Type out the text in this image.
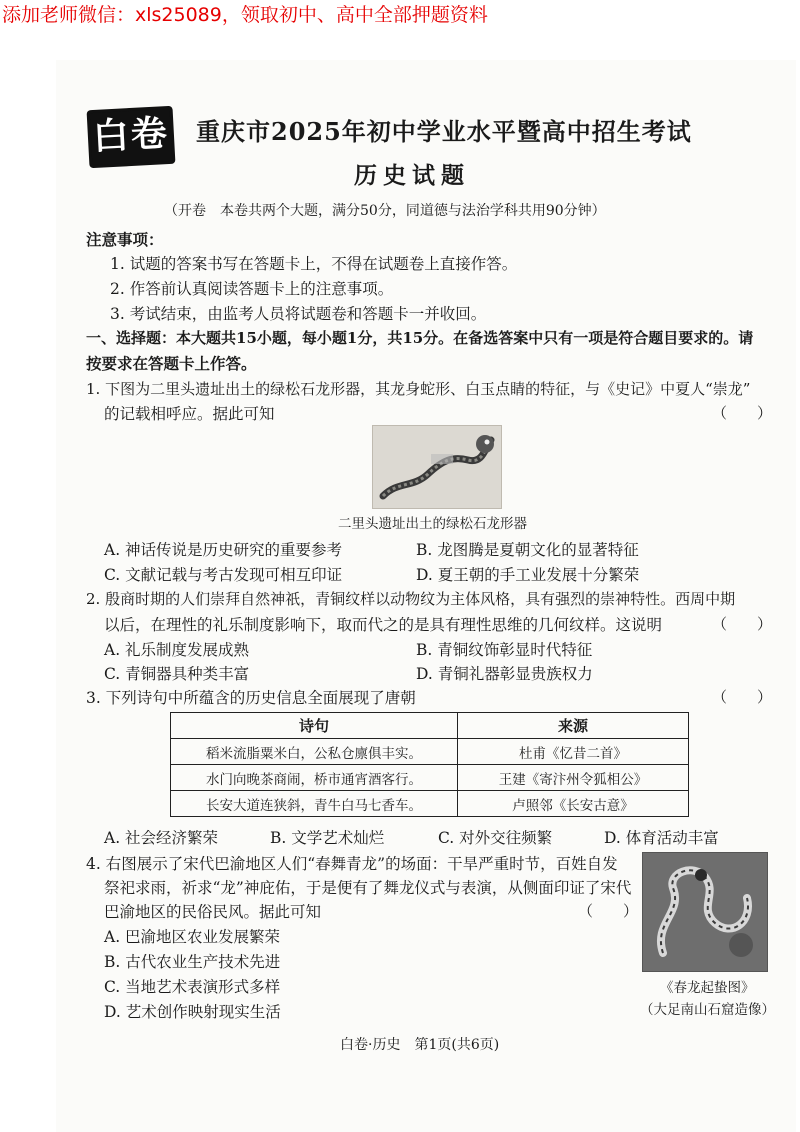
添加老师微信：xls25089，领取初中、高中全部押题资料
白卷 重庆市2025年初中学业水平暨高中招生考试
历史试题
（开卷　本卷共两个大题，满分50分，同道德与法治学科共用90分钟）
注意事项：
1. 试题的答案书写在答题卡上，不得在试题卷上直接作答。
2. 作答前认真阅读答题卡上的注意事项。
3. 考试结束，由监考人员将试题卷和答题卡一并收回。
一、选择题：本大题共15小题，每小题1分，共15分。在备选答案中只有一项是符合题目要求的。请
按要求在答题卡上作答。
1. 下图为二里头遗址出土的绿松石龙形器，其龙身蛇形、白玉点睛的特征，与《史记》中夏人“崇龙”
的记载相呼应。据此可知	（　　）
二里头遗址出土的绿松石龙形器
A. 神话传说是历史研究的重要参考	B. 龙图腾是夏朝文化的显著特征
C. 文献记载与考古发现可相互印证	D. 夏王朝的手工业发展十分繁荣
2. 殷商时期的人们崇拜自然神祇，青铜纹样以动物纹为主体风格，具有强烈的崇神特性。西周中期
以后，在理性的礼乐制度影响下，取而代之的是具有理性思维的几何纹样。这说明	（　　）
A. 礼乐制度发展成熟	B. 青铜纹饰彰显时代特征
C. 青铜器具种类丰富	D. 青铜礼器彰显贵族权力
3. 下列诗句中所蕴含的历史信息全面展现了唐朝	（　　）
诗句	来源
稻米流脂粟米白，公私仓廪俱丰实。	杜甫《忆昔二首》
水门向晚茶商闹，桥市通宵酒客行。	王建《寄汴州令狐相公》
长安大道连狭斜，青牛白马七香车。	卢照邻《长安古意》
A. 社会经济繁荣	B. 文学艺术灿烂	C. 对外交往频繁	D. 体育活动丰富
4. 右图展示了宋代巴渝地区人们“春舞青龙”的场面：干旱严重时节，百姓自发
祭祀求雨，祈求“龙”神庇佑，于是便有了舞龙仪式与表演，从侧面印证了宋代
巴渝地区的民俗民风。据此可知	（　　）
A. 巴渝地区农业发展繁荣
B. 古代农业生产技术先进
C. 当地艺术表演形式多样
D. 艺术创作映射现实生活
《春龙起蛰图》
（大足南山石窟造像）
白卷·历史　第1页(共6页)
